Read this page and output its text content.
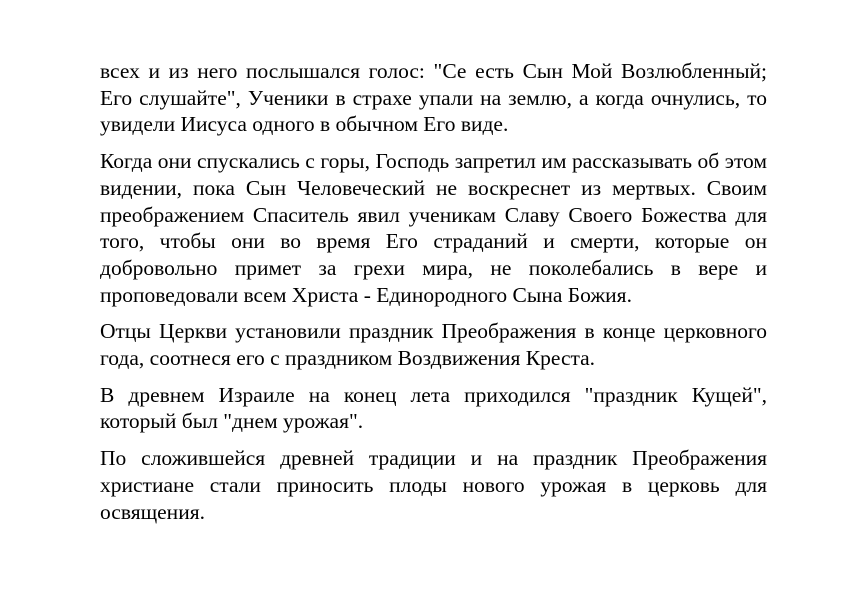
всех и из него послышался голос: "Се есть Сын Мой Возлюбленный; Его слушайте", Ученики в страхе упали на землю, а когда очнулись, то увидели Иисуса одного в обычном Его виде.

Когда они спускались с горы, Господь запретил им рассказывать об этом видении, пока Сын Человеческий не воскреснет из мертвых. Своим преображением Спаситель явил ученикам Славу Своего Божества для того, чтобы они во время Его страданий и смерти, которые он добровольно примет за грехи мира, не поколебались в вере и проповедовали всем Христа - Единородного Сына Божия.

Отцы Церкви установили праздник Преображения в конце церковного года, соотнеся его с праздником Воздвижения Креста.

В древнем Израиле на конец лета приходился "праздник Кущей", который был "днем урожая".

По сложившейся древней традиции и на праздник Преображения христиане стали приносить плоды нового урожая в церковь для освящения.
